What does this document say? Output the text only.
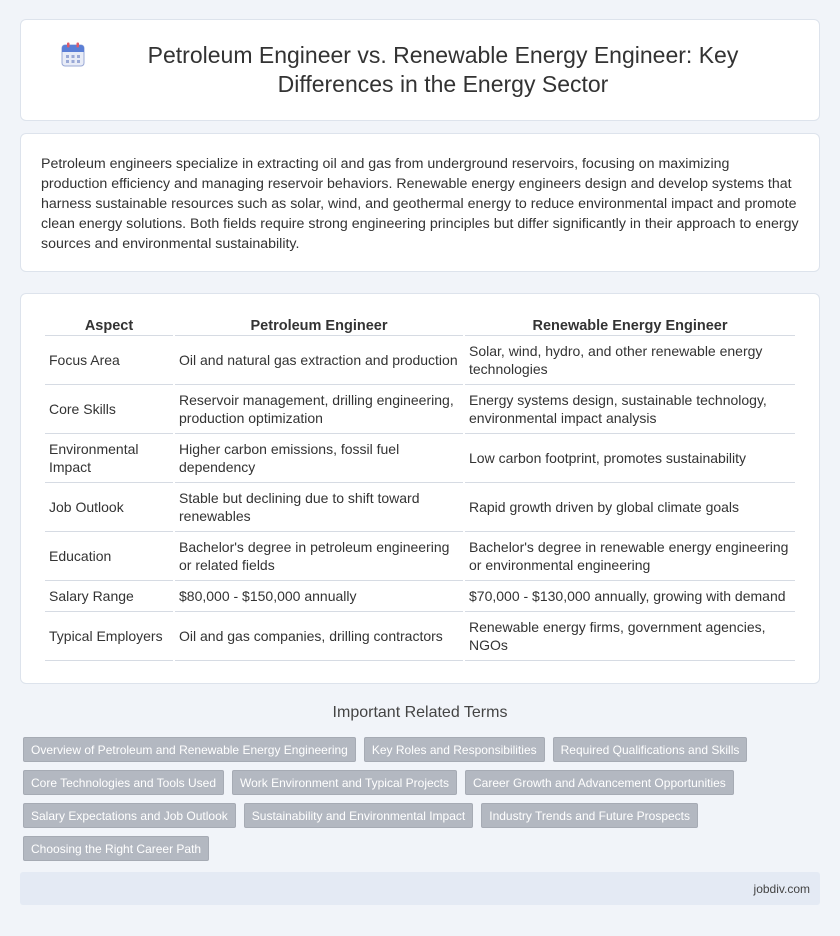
Petroleum Engineer vs. Renewable Energy Engineer: Key Differences in the Energy Sector

Petroleum engineers specialize in extracting oil and gas from underground reservoirs, focusing on maximizing production efficiency and managing reservoir behaviors. Renewable energy engineers design and develop systems that harness sustainable resources such as solar, wind, and geothermal energy to reduce environmental impact and promote clean energy solutions. Both fields require strong engineering principles but differ significantly in their approach to energy sources and environmental sustainability.

Aspect	Petroleum Engineer	Renewable Energy Engineer
Focus Area	Oil and natural gas extraction and production	Solar, wind, hydro, and other renewable energy technologies
Core Skills	Reservoir management, drilling engineering, production optimization	Energy systems design, sustainable technology, environmental impact analysis
Environmental Impact	Higher carbon emissions, fossil fuel dependency	Low carbon footprint, promotes sustainability
Job Outlook	Stable but declining due to shift toward renewables	Rapid growth driven by global climate goals
Education	Bachelor's degree in petroleum engineering or related fields	Bachelor's degree in renewable energy engineering or environmental engineering
Salary Range	$80,000 - $150,000 annually	$70,000 - $130,000 annually, growing with demand
Typical Employers	Oil and gas companies, drilling contractors	Renewable energy firms, government agencies, NGOs
Important Related Terms
Overview of Petroleum and Renewable Energy Engineering	Key Roles and Responsibilities	Required Qualifications and Skills
Core Technologies and Tools Used	Work Environment and Typical Projects	Career Growth and Advancement Opportunities
Salary Expectations and Job Outlook	Sustainability and Environmental Impact	Industry Trends and Future Prospects
Choosing the Right Career Path
jobdiv.com
